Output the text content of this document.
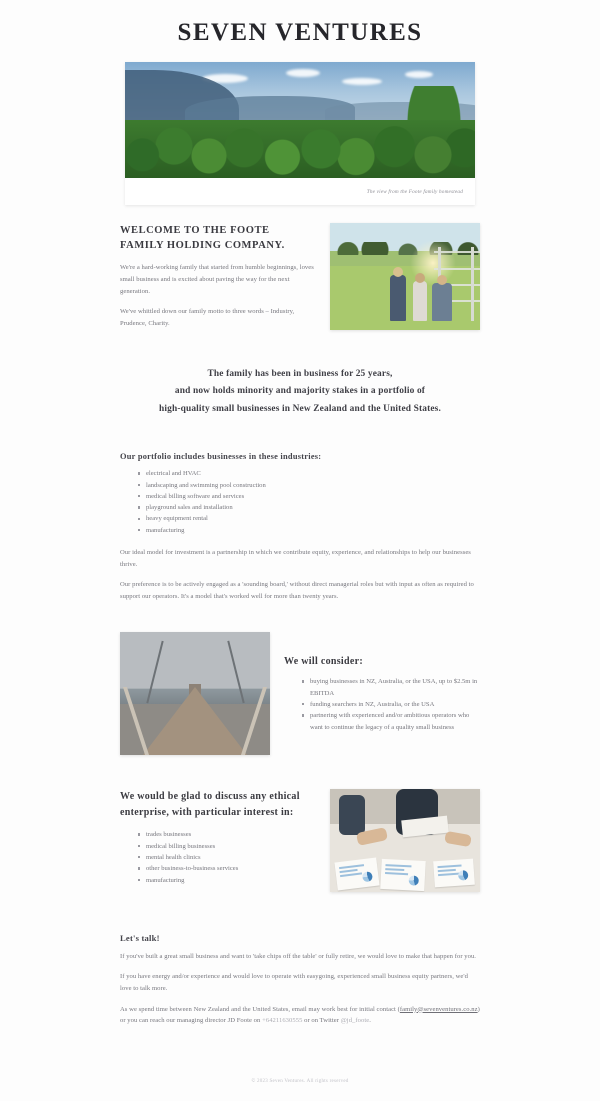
SEVEN VENTURES
The view from the Foote family homestead
WELCOME TO THE FOOTE FAMILY HOLDING COMPANY.

We're a hard-working family that started from humble beginnings, loves small business and is excited about paving the way for the next generation.

We've whittled down our family motto to three words – Industry, Prudence, Charity.

The family has been in business for 25 years,

and now holds minority and majority stakes in a portfolio of

high-quality small businesses in New Zealand and the United States.

Our portfolio includes businesses in these industries:
electrical and HVAC
landscaping and swimming pool construction
medical billing software and services
playground sales and installation
heavy equipment rental
manufacturing

Our ideal model for investment is a partnership in which we contribute equity, experience, and relationships to help our businesses thrive.

Our preference is to be actively engaged as a 'sounding board,' without direct managerial roles but with input as often as required to support our operators. It's a model that's worked well for more than twenty years.

We will consider:
buying businesses in NZ, Australia, or the USA, up to $2.5m in EBITDA
funding searchers in NZ, Australia, or the USA
partnering with experienced and/or ambitious operators who want to continue the legacy of a quality small business
We would be glad to discuss any ethical enterprise, with particular interest in:
trades businesses
medical billing businesses
mental health clinics
other business-to-business services
manufacturing
Let's talk!

If you've built a great small business and want to 'take chips off the table' or fully retire, we would love to make that happen for you.

If you have energy and/or experience and would love to operate with easygoing, experienced small business equity partners, we'd love to talk more.

As we spend time between New Zealand and the United States, email may work best for initial contact (family@sevenventures.co.nz) or you can reach our managing director JD Foote on +64211630555 or on Twitter @jd_foote.

© 2023 Seven Ventures. All rights reserved
